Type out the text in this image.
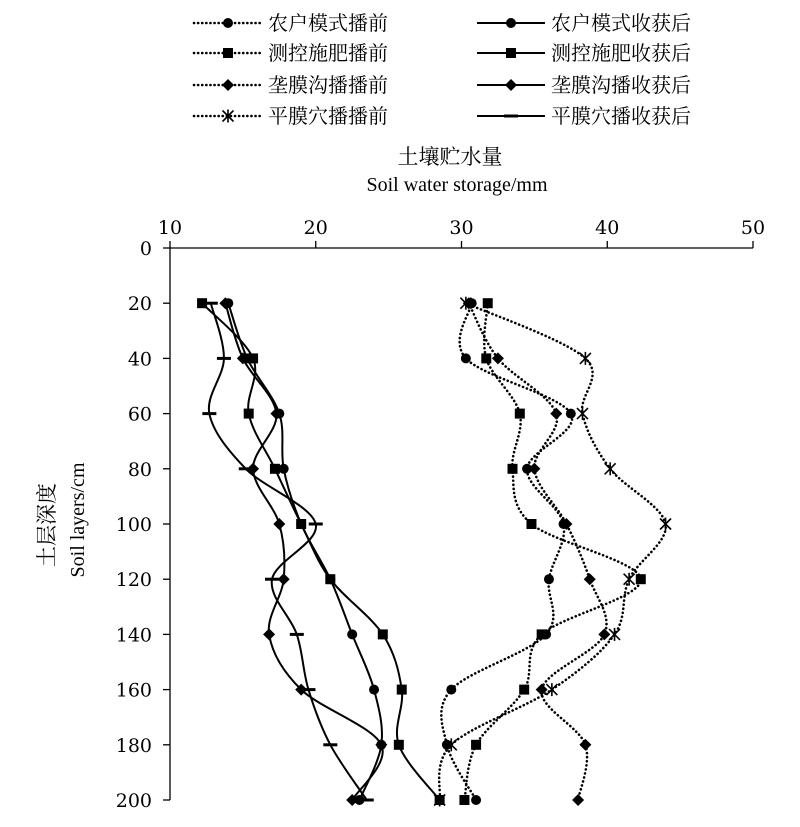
农户模式播前	农户模式收获后
测控施肥播前	测控施肥收获后
垄膜沟播播前	垄膜沟播收获后
平膜穴播播前	平膜穴播收获后
土壤贮水量
Soil water storage/mm
土层深度 Soil layers/cm
10	20	30	40	50
0
20
40
60
80
100
120
140
160
180
200
